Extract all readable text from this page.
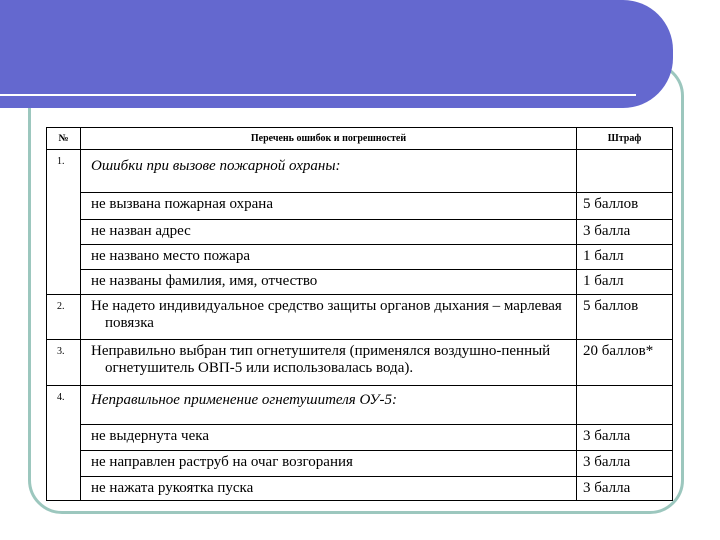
№	Перечень ошибок и погрешностей	Штраф
1.	Ошибки при вызове пожарной охраны:	
	не вызвана пожарная охрана	5 баллов
	не назван адрес	3 балла
	не названо место пожара	1 балл
	не названы фамилия, имя, отчество	1 балл
2.	Не надето индивидуальное средство защиты органов дыхания – марлевая повязка	5 баллов
3.	Неправильно выбран тип огнетушителя (применялся воздушно-пенный огнетушитель ОВП-5 или использовалась вода).	20 баллов*
4.	Неправильное применение огнетушителя ОУ-5:	
	не выдернута чека	3 балла
	не направлен раструб на очаг возгорания	3 балла
	не нажата рукоятка пуска	3 балла
